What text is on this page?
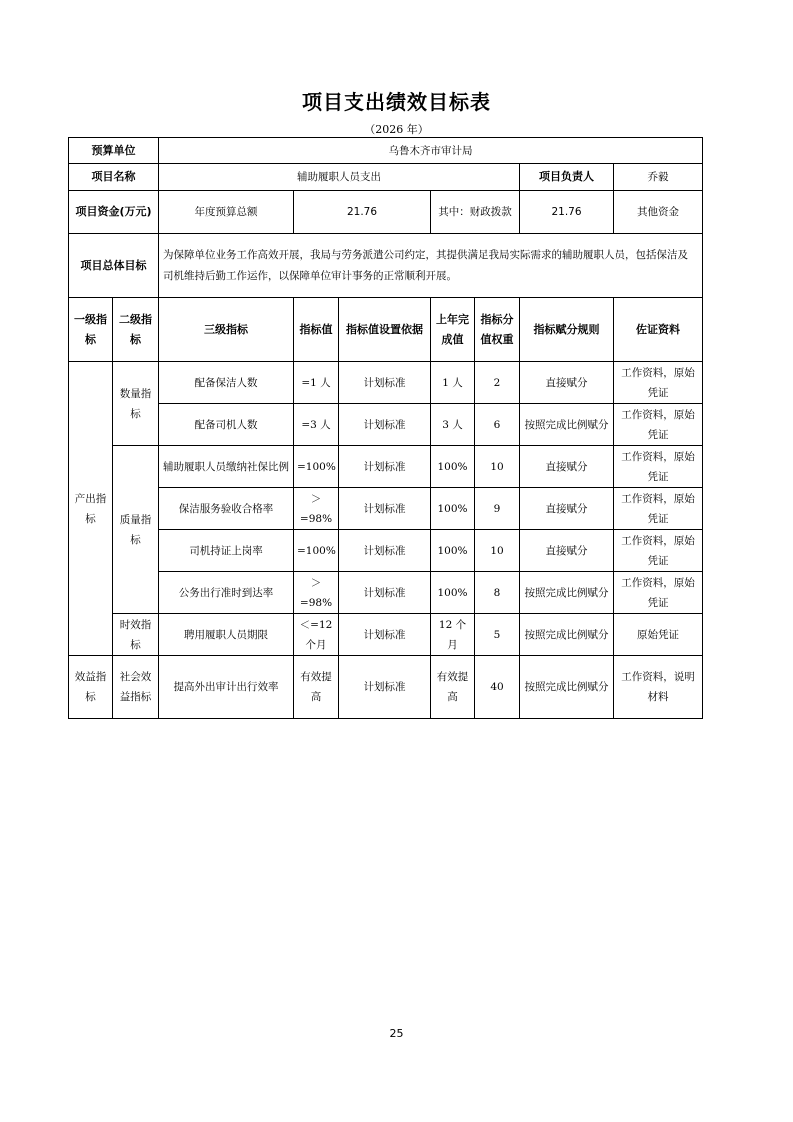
项目支出绩效目标表
（2026 年）
预算单位		乌鲁木齐市审计局						
项目名称		辅助履职人员支出					项目负责人	乔毅
项目资金(万元)		年度预算总额	21.76		其中：财政拨款		21.76	其他资金
项目总体目标		为保障单位业务工作高效开展，我局与劳务派遣公司约定，其提供满足我局实际需求的辅助履职人员，包括保洁及司机维持后勤工作运作，以保障单位审计事务的正常顺利开展。						
一级指标	二级指标	三级指标	指标值	指标值设置依据	上年完成值	指标分值权重	指标赋分规则	佐证资料
产出指标	数量指标	配备保洁人数	=1 人	计划标准	1 人	2	直接赋分	工作资料，原始凭证
		配备司机人数	=3 人	计划标准	3 人	6	按照完成比例赋分	工作资料，原始凭证
	质量指标	辅助履职人员缴纳社保比例	=100%	计划标准	100%	10	直接赋分	工作资料，原始凭证
		保洁服务验收合格率	＞=98%	计划标准	100%	9	直接赋分	工作资料，原始凭证
		司机持证上岗率	=100%	计划标准	100%	10	直接赋分	工作资料，原始凭证
		公务出行准时到达率	＞=98%	计划标准	100%	8	按照完成比例赋分	工作资料，原始凭证
	时效指标	聘用履职人员期限	＜=12 个月	计划标准	12 个月	5	按照完成比例赋分	原始凭证
效益指标	社会效益指标	提高外出审计出行效率	有效提高	计划标准	有效提高	40	按照完成比例赋分	工作资料，说明材料
25
